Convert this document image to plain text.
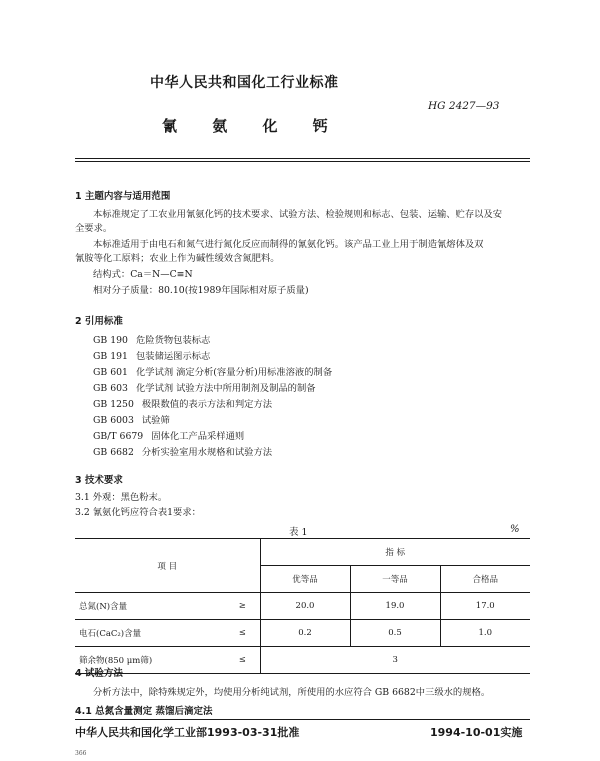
中华人民共和国化工行业标准
HG 2427—93
氰 氨 化 钙
1 主题内容与适用范围
本标准规定了工农业用氰氨化钙的技术要求、试验方法、检验规则和标志、包装、运输、贮存以及安
全要求。
本标准适用于由电石和氮气进行氮化反应而制得的氰氨化钙。该产品工业上用于制造氰熔体及双
氰胺等化工原料；农业上作为碱性缓效含氮肥料。
结构式：Ca＝N—C≡N
相对分子质量：80.10(按1989年国际相对原子质量)
2 引用标准
GB 190 危险货物包装标志
GB 191 包装储运图示标志
GB 601 化学试剂 滴定分析(容量分析)用标准溶液的制备
GB 603 化学试剂 试验方法中所用制剂及制品的制备
GB 1250 极限数值的表示方法和判定方法
GB 6003 试验筛
GB/T 6679 固体化工产品采样通则
GB 6682 分析实验室用水规格和试验方法
3 技术要求
3.1 外观：黑色粉末。
3.2 氰氨化钙应符合表1要求：
表 1	%
项 目		指 标		
		优等品	一等品	合格品
总氮(N)含量	≥	20.0	19.0	17.0
电石(CaC₂)含量	≤	0.2	0.5	1.0
筛余物(850 μm筛)	≤	3		
4 试验方法
分析方法中，除特殊规定外，均使用分析纯试剂，所使用的水应符合 GB 6682中三级水的规格。
4.1 总氮含量测定 蒸馏后滴定法
中华人民共和国化学工业部1993-03-31批准	1994-10-01实施
366
